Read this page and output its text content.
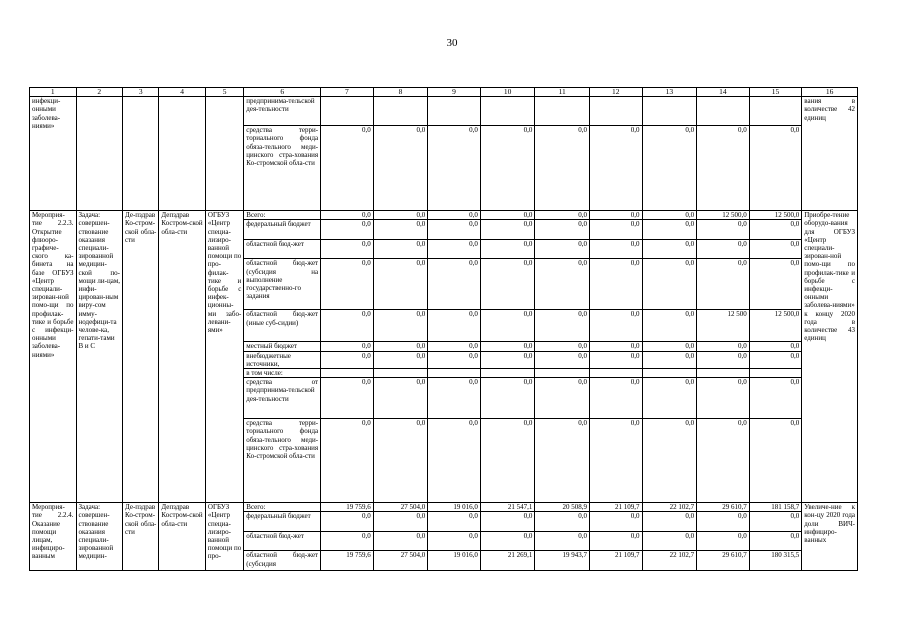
30
1	2	3	4	5	6	7	8	9	10	11	12	13	14	15	16
инфекци-онными заболева-ниями»					предпринима-тельской дея-тельности										вания в количестве 42 единиц
					средства терри-ториального фонда обяза-тельного меди-цинского стра-хования Ко-стромской обла-сти	0,0	0,0	0,0	0,0	0,0	0,0	0,0	0,0	0,0	
Мероприя-тие 2.2.3. Открытие флюоро-графиче-ского ка-бинета на базе ОГБУЗ «Центр специали-зирован-ной помо-щи по профилак-тике и борьбе с инфекци-онными заболева-ниями»	Задача: совершен-ствование оказания специали-зированной медицин-ской по-мощи ли-цам, инфи-цирован-ным виру-сом имму-нодефици-та челове-ка, гепати-тами В и С	Де-пздрав Ко-стром-ской обла-сти	Депздрав Костром-ской обла-сти	ОГБУЗ «Центр специа-лизиро-ванной помощи по про-филак-тике и борьбе с инфек-ционны-ми забо-левани-ями»	Всего:	0,0	0,0	0,0	0,0	0,0	0,0	0,0	12 500,0	12 500,0	Приобре-тение оборудо-вания для ОГБУЗ «Центр специали-зирован-ной помо-щи по профилак-тике и борьбе с инфекци-онными заболева-ниями» к концу 2020 года в количестве 43 единиц
					федеральный бюджет	0,0	0,0	0,0	0,0	0,0	0,0	0,0	0,0	0,0	
					областной бюд-жет	0,0	0,0	0,0	0,0	0,0	0,0	0,0	0,0	0,0	
					областной бюд-жет (субсидия на выполнение государственно-го задания	0,0	0,0	0,0	0,0	0,0	0,0	0,0	0,0	0,0	
					областной бюд-жет (иные суб-сидии)	0,0	0,0	0,0	0,0	0,0	0,0	0,0	12 500	12 500,0	
					местный бюджет	0,0	0,0	0,0	0,0	0,0	0,0	0,0	0,0	0,0	
					внебюджетные источники,	0,0	0,0	0,0	0,0	0,0	0,0	0,0	0,0	0,0	
					в том числе:										
					средства от предпринима-тельской дея-тельности	0,0	0,0	0,0	0,0	0,0	0,0	0,0	0,0	0,0	
					средства терри-ториального фонда обяза-тельного меди-цинского стра-хования Ко-стромской обла-сти	0,0	0,0	0,0	0,0	0,0	0,0	0,0	0,0	0,0	
Мероприя-тие 2.2.4. Оказание помощи лицам, инфициро-ванным	Задача: совершен-ствование оказания специали-зированной медицин-	Де-пздрав Ко-стром-ской обла-сти	Депздрав Костром-ской обла-сти	ОГБУЗ «Центр специа-лизиро-ванной помощи по про-	Всего:	19 759,6	27 504,0	19 016,0	21 547,1	20 508,9	21 109,7	22 102,7	29 610,7	181 158,7	Увеличе-ние к кон-цу 2020 года доли ВИЧ-инфициро-ванных
					федеральный бюджет	0,0	0,0	0,0	0,0	0,0	0,0	0,0	0,0	0,0	
					областной бюд-жет	0,0	0,0	0,0	0,0	0,0	0,0	0,0	0,0	0,0	
					областной бюд-жет (субсидия	19 759,6	27 504,0	19 016,0	21 269,1	19 943,7	21 109,7	22 102,7	29 610,7	180 315,5	
